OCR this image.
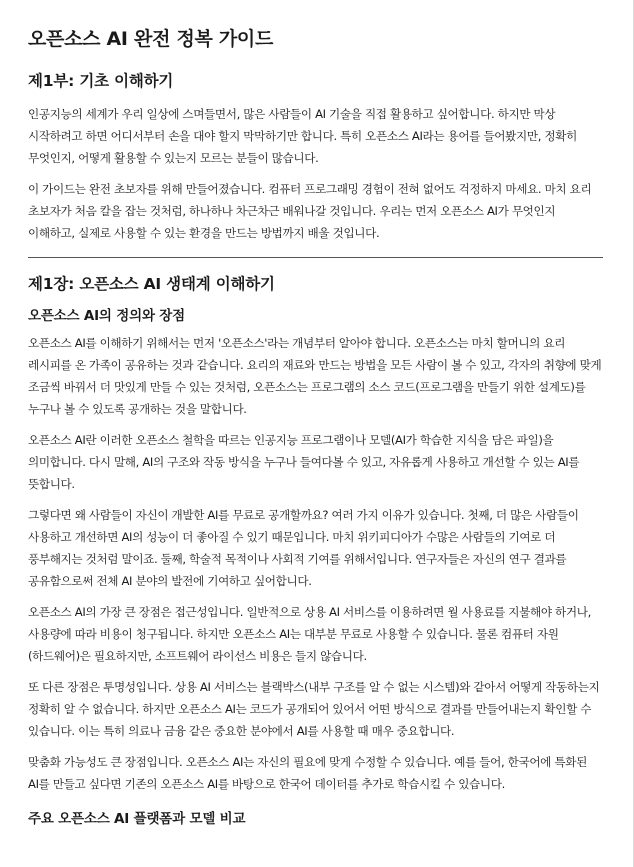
오픈소스 AI 완전 정복 가이드
제1부: 기초 이해하기

인공지능의 세계가 우리 일상에 스며들면서, 많은 사람들이 AI 기술을 직접 활용하고 싶어합니다. 하지만 막상 시작하려고 하면 어디서부터 손을 대야 할지 막막하기만 합니다. 특히 오픈소스 AI라는 용어를 들어봤지만, 정확히 무엇인지, 어떻게 활용할 수 있는지 모르는 분들이 많습니다.

이 가이드는 완전 초보자를 위해 만들어졌습니다. 컴퓨터 프로그래밍 경험이 전혀 없어도 걱정하지 마세요. 마치 요리 초보자가 처음 칼을 잡는 것처럼, 하나하나 차근차근 배워나갈 것입니다. 우리는 먼저 오픈소스 AI가 무엇인지 이해하고, 실제로 사용할 수 있는 환경을 만드는 방법까지 배울 것입니다.

제1장: 오픈소스 AI 생태계 이해하기
오픈소스 AI의 정의와 장점

오픈소스 AI를 이해하기 위해서는 먼저 '오픈소스'라는 개념부터 알아야 합니다. 오픈소스는 마치 할머니의 요리 레시피를 온 가족이 공유하는 것과 같습니다. 요리의 재료와 만드는 방법을 모든 사람이 볼 수 있고, 각자의 취향에 맞게 조금씩 바꿔서 더 맛있게 만들 수 있는 것처럼, 오픈소스는 프로그램의 소스 코드(프로그램을 만들기 위한 설계도)를 누구나 볼 수 있도록 공개하는 것을 말합니다.

오픈소스 AI란 이러한 오픈소스 철학을 따르는 인공지능 프로그램이나 모델(AI가 학습한 지식을 담은 파일)을 의미합니다. 다시 말해, AI의 구조와 작동 방식을 누구나 들여다볼 수 있고, 자유롭게 사용하고 개선할 수 있는 AI를 뜻합니다.

그렇다면 왜 사람들이 자신이 개발한 AI를 무료로 공개할까요? 여러 가지 이유가 있습니다. 첫째, 더 많은 사람들이 사용하고 개선하면 AI의 성능이 더 좋아질 수 있기 때문입니다. 마치 위키피디아가 수많은 사람들의 기여로 더 풍부해지는 것처럼 말이죠. 둘째, 학술적 목적이나 사회적 기여를 위해서입니다. 연구자들은 자신의 연구 결과를 공유함으로써 전체 AI 분야의 발전에 기여하고 싶어합니다.

오픈소스 AI의 가장 큰 장점은 접근성입니다. 일반적으로 상용 AI 서비스를 이용하려면 월 사용료를 지불해야 하거나, 사용량에 따라 비용이 청구됩니다. 하지만 오픈소스 AI는 대부분 무료로 사용할 수 있습니다. 물론 컴퓨터 자원(하드웨어)은 필요하지만, 소프트웨어 라이선스 비용은 들지 않습니다.

또 다른 장점은 투명성입니다. 상용 AI 서비스는 블랙박스(내부 구조를 알 수 없는 시스템)와 같아서 어떻게 작동하는지 정확히 알 수 없습니다. 하지만 오픈소스 AI는 코드가 공개되어 있어서 어떤 방식으로 결과를 만들어내는지 확인할 수 있습니다. 이는 특히 의료나 금융 같은 중요한 분야에서 AI를 사용할 때 매우 중요합니다.

맞춤화 가능성도 큰 장점입니다. 오픈소스 AI는 자신의 필요에 맞게 수정할 수 있습니다. 예를 들어, 한국어에 특화된 AI를 만들고 싶다면 기존의 오픈소스 AI를 바탕으로 한국어 데이터를 추가로 학습시킬 수 있습니다.

주요 오픈소스 AI 플랫폼과 모델 비교
